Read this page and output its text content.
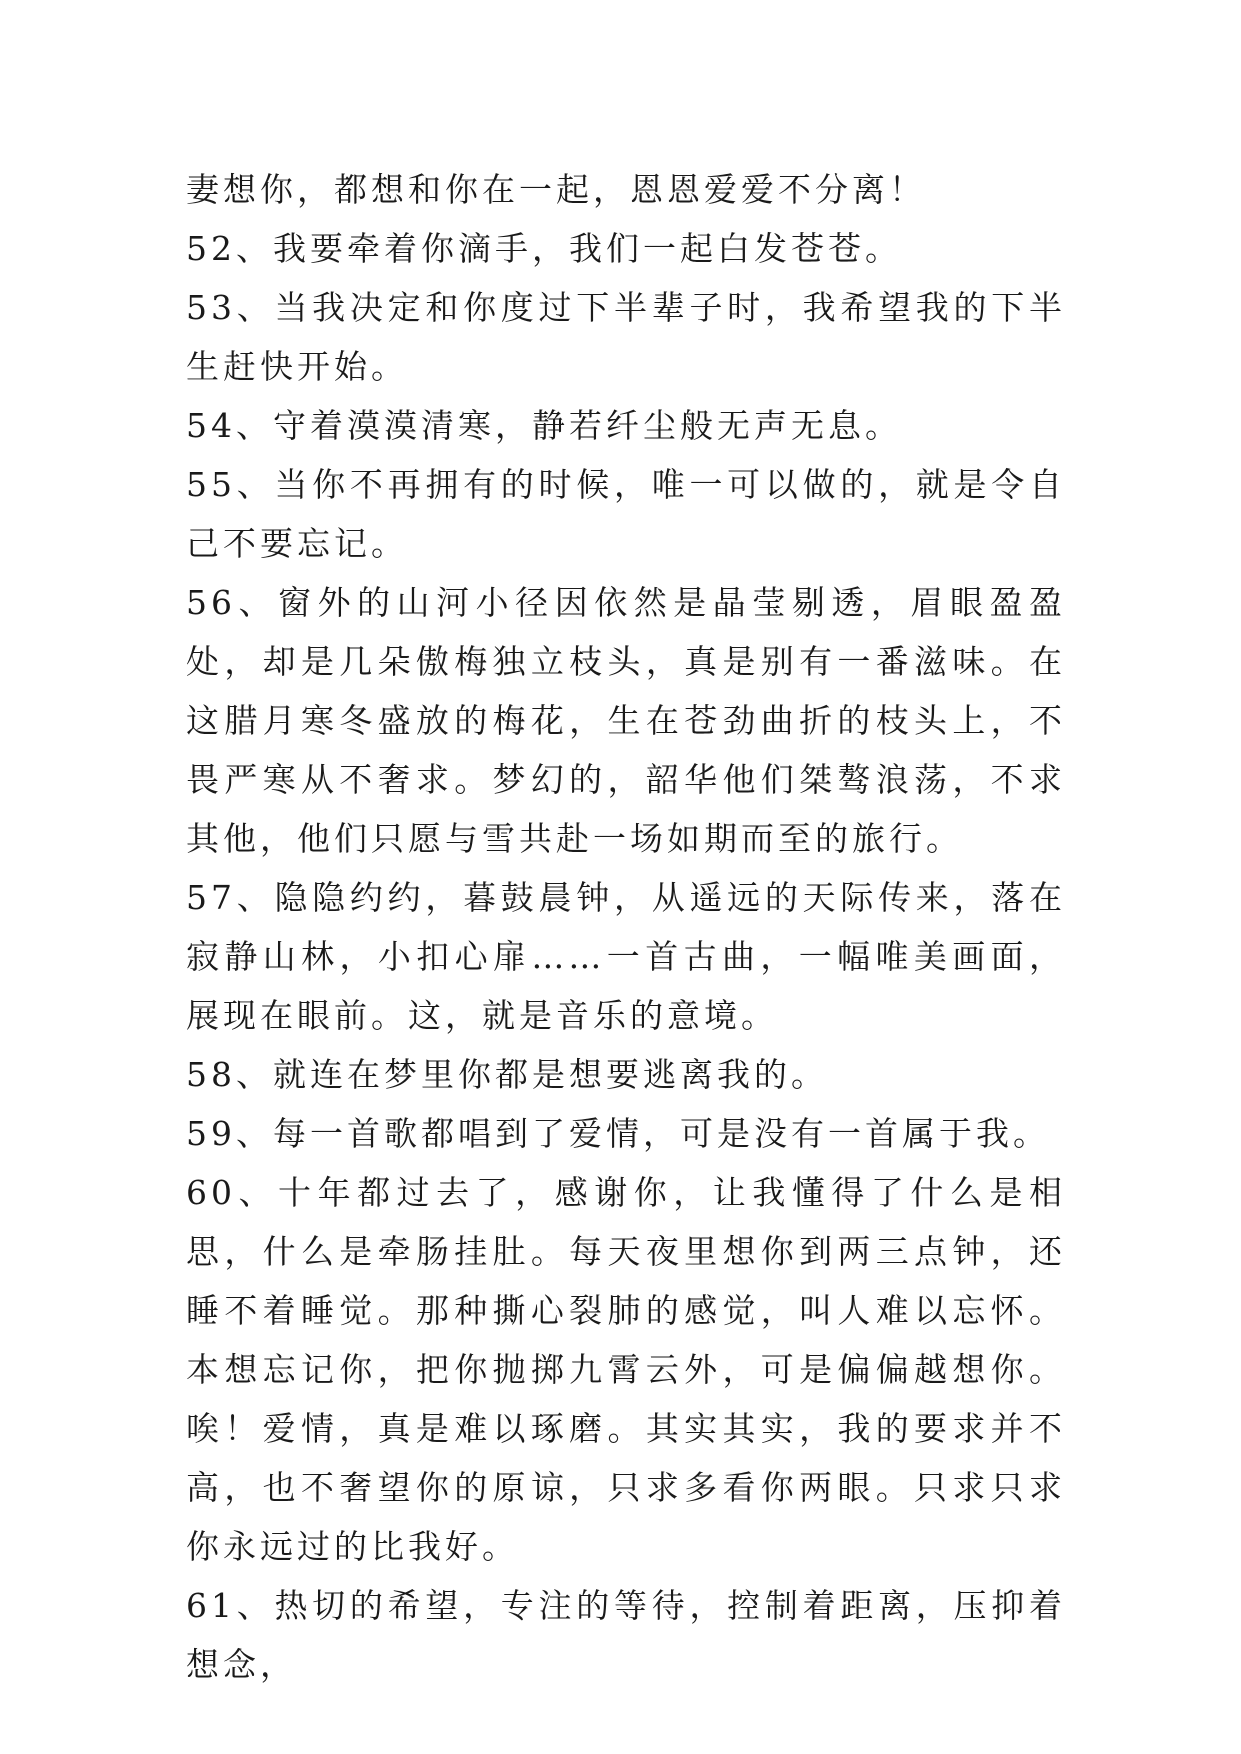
妻想你，都想和你在一起，恩恩爱爱不分离！

52、我要牵着你滴手，我们一起白发苍苍。

53、当我决定和你度过下半辈子时，我希望我的下半生赶快开始。

54、守着漠漠清寒，静若纤尘般无声无息。

55、当你不再拥有的时候，唯一可以做的，就是令自己不要忘记。

56、窗外的山河小径因依然是晶莹剔透，眉眼盈盈处，却是几朵傲梅独立枝头，真是别有一番滋味。在这腊月寒冬盛放的梅花，生在苍劲曲折的枝头上，不畏严寒从不奢求。梦幻的，韶华他们桀骜浪荡，不求其他，他们只愿与雪共赴一场如期而至的旅行。

57、隐隐约约，暮鼓晨钟，从遥远的天际传来，落在寂静山林，小扣心扉……一首古曲，一幅唯美画面，展现在眼前。这，就是音乐的意境。

58、就连在梦里你都是想要逃离我的。

59、每一首歌都唱到了爱情，可是没有一首属于我。

60、十年都过去了，感谢你，让我懂得了什么是相思，什么是牵肠挂肚。每天夜里想你到两三点钟，还睡不着睡觉。那种撕心裂肺的感觉，叫人难以忘怀。本想忘记你，把你抛掷九霄云外，可是偏偏越想你。唉！爱情，真是难以琢磨。其实其实，我的要求并不高，也不奢望你的原谅，只求多看你两眼。只求只求你永远过的比我好。

61、热切的希望，专注的等待，控制着距离，压抑着想念，
